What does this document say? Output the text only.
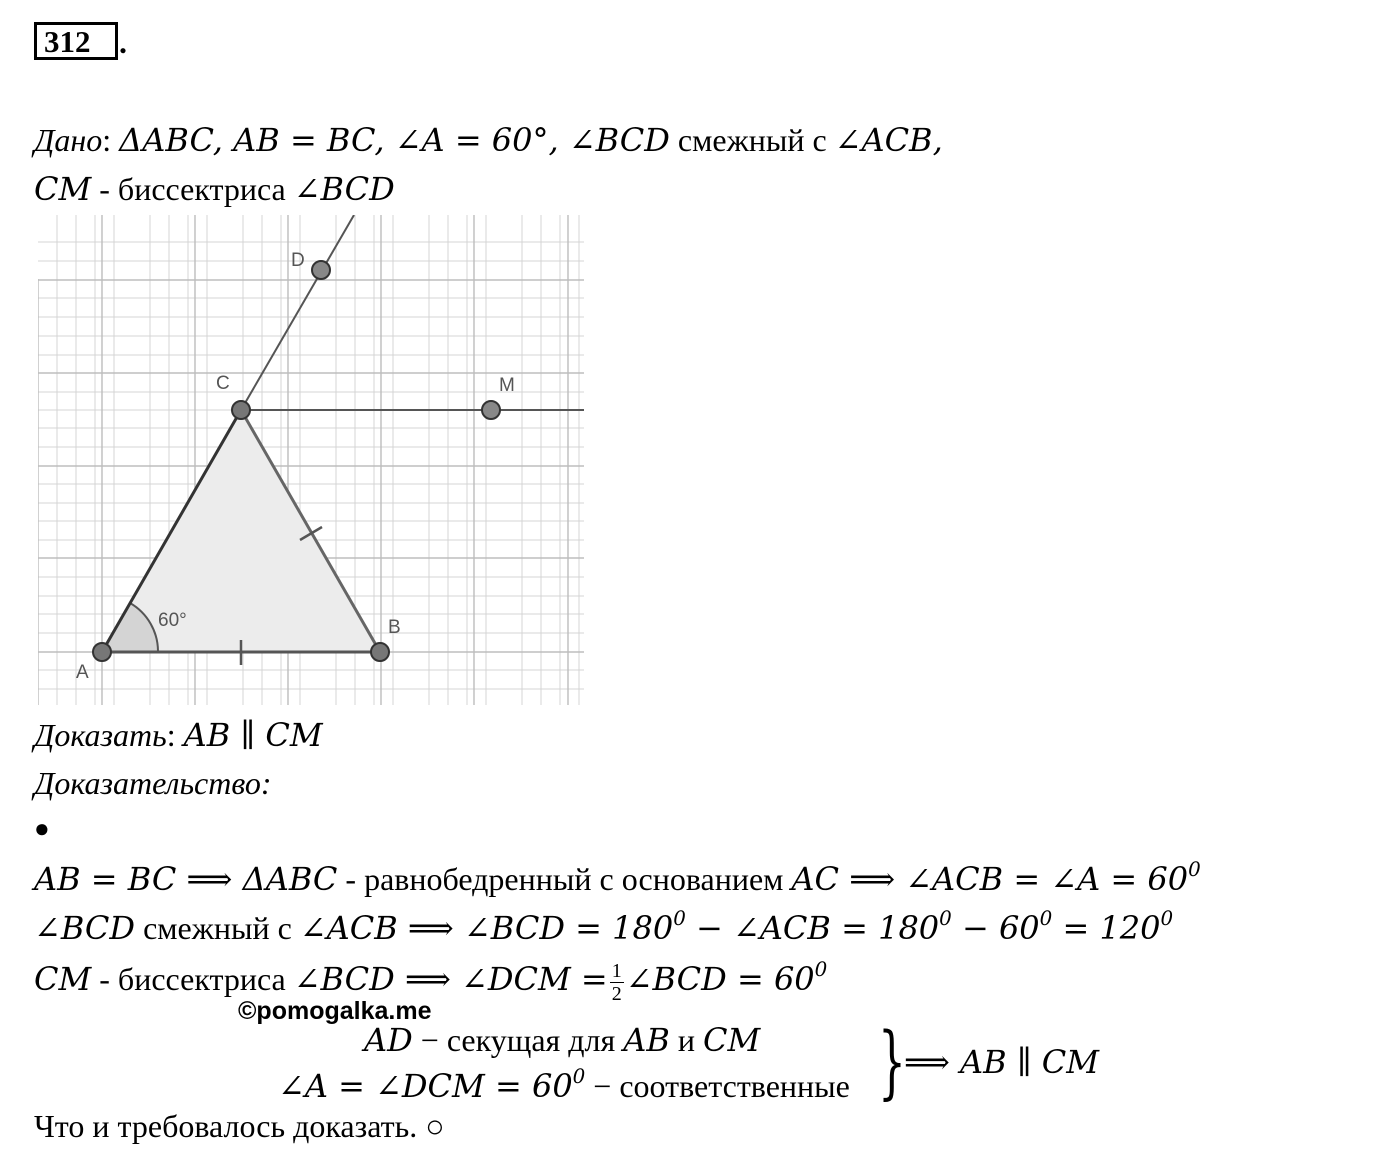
312 .
Дано: ΔABC, AB = BC, ∠A = 60°, ∠BCD смежный с ∠ACB,
CM - биссектриса ∠BCD
A
B
C
D
M
60°
Доказать: AB ∥ CM
Доказательство:
●
AB = BC ⟹ ΔABC - равнобедренный с основанием AC ⟹ ∠ACB = ∠A = $60^0$
∠BCD смежный с ∠ACB ⟹ ∠BCD = $180^0$ − ∠ACB = $180^0 - 60^0 = 120^0$
CM - биссектриса ∠BCD ⟹ ∠DCM = $\frac{1}{2}$ ∠BCD = $60^0$
©pomogalka.me
AD − секущая для AB и CM
∠A = ∠DCM = $60^0$ − соответственные }
⟹ AB ∥ CM
Что и требовалось доказать. ○
